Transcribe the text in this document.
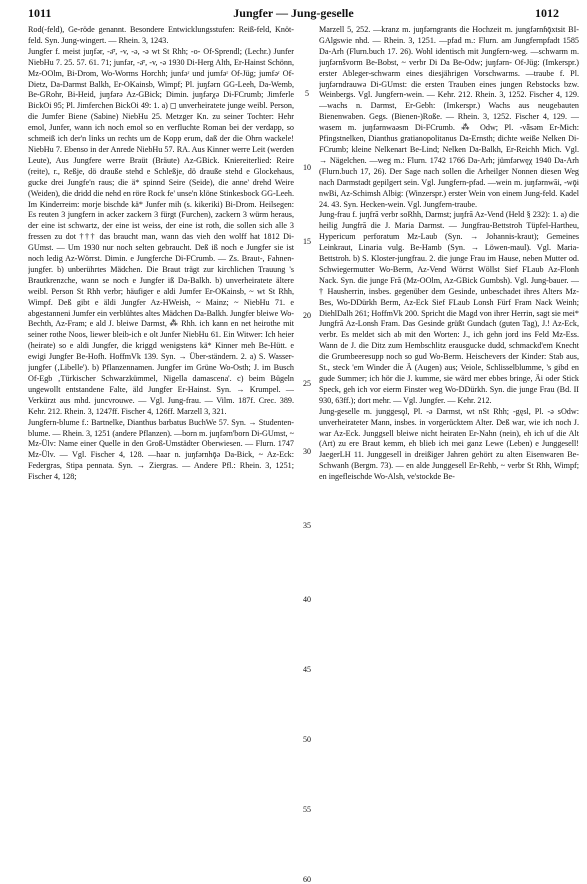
1011	Jungfer — Jung-geselle	1012

Rod(-feld), Ge-röde genannt. Besondere Entwicklungsstufen: Reiß-feld, Knöt-feld. Syn. Jung-wingert. — Rhein. 3, 1243.

Jungfer f. meist juŋfər, -ə̄ʳ, -v, -ə, -ə wt St Rhh; -o- Of-Sprendl; (Lechr.) Junfer NiebHu 7. 25. 57. 61. 71; junfər, -ə̄ʳ, -v, -ə 1930 Di-Herg Alth, Er-Hainst Schönn, Mz-OOlm, Bi-Drom, Wo-Worms Horchh; junfəʳ und jumfəʳ Of-Jüg; jumfəʳ Of-Dietz, Da-Darmst Balkh, Er-OKainsb, Wimpf; Pl. juŋfərn GG-Leeh, Da-Wemb, Be-GRohr, Bi-Heid, juŋfərə Az-GBick; Dimin. juŋfərχə Di-FCrumb; Jimferle BickOi 95; Pl. Jimferchen BickOi 49: 1. a) ◻ unverheiratete junge weibl. Person, die Jumfer Biene (Sabine) NiebHu 25. Metzger Kn. zu seiner Tochter: Hehr emol, Junfer, wann ich noch emol so en verfluchte Roman bei der verdapp, so schmeiß ich der'n links un rechts um de Kopp erum, daß der die Ohrn wackele! NiebHu 7. Ebenso in der Anrede NiebHu 57. RA. Aus Kinner werre Leit (werden Leute), Aus Jungfere werre Braüt (Bräute) Az-GBick. Kniereiterlied: Reire (reite), r., Reßje, dö drauße stehd e Schleßje, dö drauße stehd e Glockehaus, gucke drei Jungfe'n raus; die ä* spinnd Seire (Seide), die anne' drehd Weire (Weiden), die dridd die nehd en röre Rock fe' unse'n klöne Stinkesbock GG-Leeh. Im Kinderreim: morje bischde kä* Junfer mih (s. kikeriki) Bi-Drom. Heilsegen: Es reuten 3 jungfern in acker zackern 3 fürgt (Furchen), zackern 3 würm heraus, der eine ist schwartz, der eine ist weiss, der eine ist roth, die sollen sich alle 3 fressen zu dot ††† das braucht man, wann das vieh den wolff hat 1812 Di-GUmst. — Um 1930 nur noch selten gebraucht. Deß iß noch e Jungfer sie ist noch ledig Az-Wörrst. Dimin. e Jungferche Di-FCrumb. — Zs. Braut-, Fahnen-jungfer. b) unberührtes Mädchen. Die Braut trägt zur kirchlichen Trauung 's Brautkrenzche, wann se noch e Jungfer iß Da-Balkh. b) unverheiratete ältere weibl. Person St Rhh verbr; häufiger e aldi Jumfer Er-OKainsb, ~ wt St Rhh, Wimpf. Deß gibt e äldi Jungfer Az-HWeish, ~ Mainz; ~ NiebHu 71. e abgestanneni Jumfer ein verblühtes altes Mädchen Da-Balkh. Jungfer bleiwe Wo-Bechth, Az-Fram; e ald J. bleiwe Darmst, ⁂ Rhh. ich kann en net heirothe mit seiner rothe Noos, liewer bleib-ich e olt Junfer NiebHu 61. Ein Witwer: Ich heier (heirate) so e aldi Jungfer, die kriggd wenigstens kä* Kinner meh Be-Hütt. e ewigi Jungfer Be-Hofh. HoffmVk 139. Syn. → Über-ständern. 2. a) S. Wasser-jungfer (‚Libelle'). b) Pflanzennamen. Jungfer im Grüne Wo-Osth; J. im Busch Of-Egb ‚Türkischer Schwarzkümmel, Nigella damascena'. c) beim Bügeln ungewollt entstandene Falte, äld Jungfer Er-Hainst. Syn. → Krumpel. — Verkürzt aus mhd. juncvrouwe. — Vgl. Jung-frau. — Vilm. 187f. Crec. 389. Kehr. 212. Rhein. 3, 1247ff. Fischer 4, 126ff. Marzell 3, 321.

Jungfern-blume f.: Bartnelke, Dianthus barbatus BuchWe 57. Syn. → Studenten-blume. — Rhein. 3, 1251 (andere Pflanzen). —born m. juŋfərn'born Di-GUmst, ~ Mz-Ülv: Name einer Quelle in den Groß-Umstädter Oberwiesen. — Flurn. 1747 Mz-Ülv. — Vgl. Fischer 4, 128. —haar n. juŋfərnhǭə Da-Bick, ~ Az-Eck: Federgras, Stipa pennata. Syn. → Ziergras. — Andere Pfl.: Rhein. 3, 1251; Fischer 4, 128;

5
10
15
20
25
30
35
40
45
50
55
60

Marzell 5, 252. —kranz m. juŋfərngrants die Hochzeit m. jungfərnɦǭxtsit BI-GAlgswie nhd. — Rhein. 3, 1251. —pfad m.: Flurn. am Jungfernpfadt 1585 Da-Arh (Flurn.buch 17. 26). Wohl identisch mit Jungfern-weg. —schwarm m. juŋfərnšvorm Be-Bobst, ~ verbr Di Da Be-Odw; juŋfərn- Of-Jüg: (Imkerspr.) erster Ableger-schwarm eines diesjährigen Vorschwarms. —traube f. Pl. juŋfərndrauwə Di-GUmst: die ersten Trauben eines jungen Rebstocks bzw. Weinbergs. Vgl. Jungfern-wein. — Kehr. 212. Rhein. 3, 1252. Fischer 4, 129. —wachs n. Darmst, Er-Gebh: (Imkerspr.) Wachs aus neugebauten Bienenwaben. Gegs. (Bienen-)Roße. — Rhein. 3, 1252. Fischer 4, 129. —wasem m. juŋfərnwaəsm Di-FCrumb. ⁂ Odw; Pl. -vǟsəm Er-Mich: Pfingstnelken, Dianthus gratianopolitanus Da-Ernsth; dichte weiße Nelken Di-FCrumb; kleine Nelkenart Be-Lind; Nelken Da-Balkh, Er-Reichh Mich. Vgl. → Nägelchen. —weg m.: Flurn. 1742 1766 Da-Arh; jümfərwęχ 1940 Da-Arh (Flurn.buch 17, 26). Der Sage nach sollen die Arheilger Nonnen diesen Weg nach Darmstadt gepilgert sein. Vgl. Jungfern-pfad. —wein m. juŋfərnwāi, -wǭi nwBi, Az-Schimsh Albig: (Winzerspr.) erster Wein von einem Jung-feld. Kadel 24. 43. Syn. Hecken-wein. Vgl. Jungfern-traube.

Jung-frau f. juŋfrā verbr soRhh, Darmst; juŋfrā Az-Vend (Held § 232): 1. a) die heilig Jungfrā die J. Maria Darmst. — Jungfrau-Bettstroh Tüpfel-Hartheu, Hypericum perforatum Mz-Laub (Syn. → Johannis-kraut); Gemeines Leinkraut, Linaria vulg. Be-Hamb (Syn. → Löwen-maul). Vgl. Maria-Bettstroh. b) S. Kloster-jungfrau. 2. die junge Frau im Hause, neben Mutter od. Schwiegermutter Wo-Berm, Az-Vend Wörrst Wöllst Sief FLaub Az-Flonh Nack. Syn. die junge Frā (Mz-OOlm, Az-GBick Gumbsh). Vgl. Jung-bauer. — † Hausherrin, insbes. gegenüber dem Gesinde, unbeschadet ihres Alters Mz-Bes, Wo-DDürkh Berm, Az-Eck Sief FLaub Lonsh Fürf Fram Nack Weinh; DiehlDalh 261; HoffmVk 200. Spricht die Magd von ihrer Herrin, sagt sie mei* Jungfrā Az-Lonsh Fram. Das Gesinde grüßt Gundach (guten Tag), J.! Az-Eck, verbr. Es meldet sich ab mit den Worten: J., ich gehn jord ins Feld Mz-Ess. Wann de J. die Ditz zum Hembschlitz erausgucke dudd, schmackd'em Knecht die Grumbeeresupp noch so gud Wo-Berm. Heischevers der Kinder: Stab aus, St., steck 'em Winder die Ä (Augen) aus; Veiole, Schlisselblumme, 's gibd en gude Summer; ich hör die J. kumme, sie wärd mer ebbes bringe, Äi oder Stick Speck, geh ich vor eierm Finster weg Wo-DDürkh. Syn. die junge Frau (Bd. II 930, 63ff.); dort mehr. — Vgl. Jungfer. — Kehr. 212.

Jung-geselle m. junggesǫl, Pl. -ə Darmst, wt nSt Rhh; -gęsl, Pl. -ə sOdw: unverheirateter Mann, insbes. in vorgerücktem Alter. Deß war, wie ich noch J. war Az-Eck. Junggsell bleiwe nicht heiraten Er-Nahn (nein), eh ich uf die Alt (Art) zu ere Braut kemm, eh blieb ich mei ganz Lewe (Leben) e Junggesell! JaegerLH 11. Junggesell in dreißiger Jahren gehört zu alten Eisenwaren Be-Schwanh (Bergm. 73). — en alde Junggesell Er-Rehb, ~ verbr St Rhh, Wimpf; en ingefleischde Wo-Alsh, ve'stockde Be-
